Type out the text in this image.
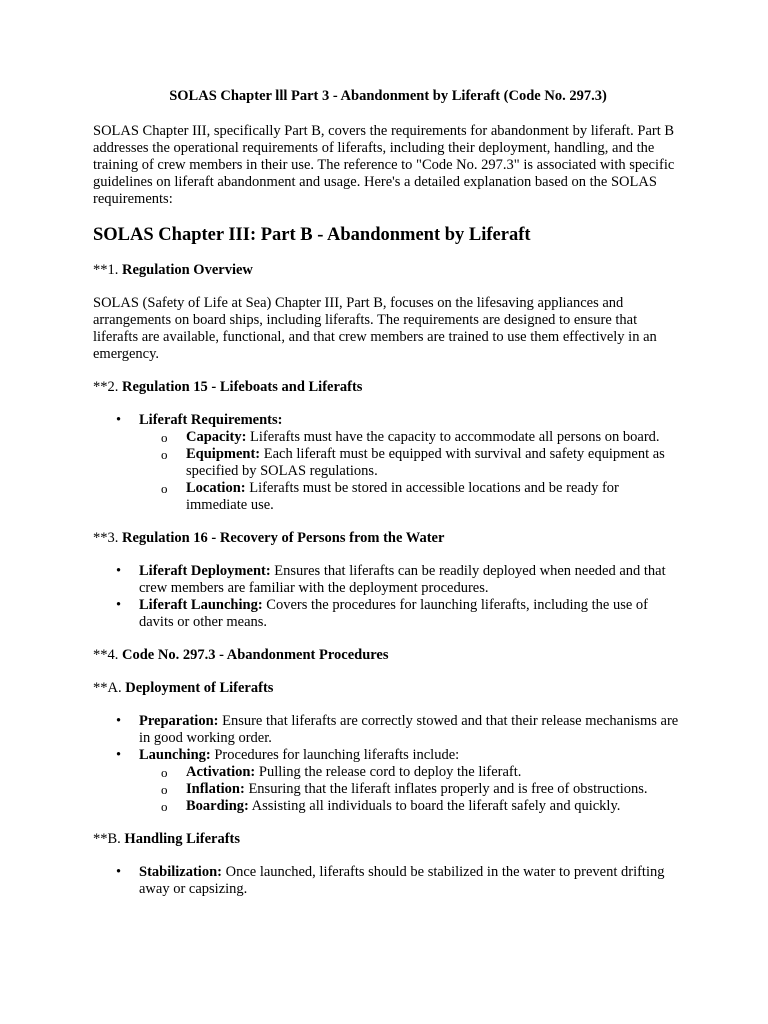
SOLAS Chapter lll Part 3 - Abandonment by Liferaft (Code No. 297.3)

SOLAS Chapter III, specifically Part B, covers the requirements for abandonment by liferaft. Part B addresses the operational requirements of liferafts, including their deployment, handling, and the training of crew members in their use. The reference to "Code No. 297.3" is associated with specific guidelines on liferaft abandonment and usage. Here's a detailed explanation based on the SOLAS requirements:

SOLAS Chapter III: Part B - Abandonment by Liferaft

**1. Regulation Overview

SOLAS (Safety of Life at Sea) Chapter III, Part B, focuses on the lifesaving appliances and arrangements on board ships, including liferafts. The requirements are designed to ensure that liferafts are available, functional, and that crew members are trained to use them effectively in an emergency.

**2. Regulation 15 - Lifeboats and Liferafts

• Liferaft Requirements:
o Capacity: Liferafts must have the capacity to accommodate all persons on board.
o Equipment: Each liferaft must be equipped with survival and safety equipment as specified by SOLAS regulations.
o Location: Liferafts must be stored in accessible locations and be ready for immediate use.

**3. Regulation 16 - Recovery of Persons from the Water

• Liferaft Deployment: Ensures that liferafts can be readily deployed when needed and that crew members are familiar with the deployment procedures.
• Liferaft Launching: Covers the procedures for launching liferafts, including the use of davits or other means.

**4. Code No. 297.3 - Abandonment Procedures

**A. Deployment of Liferafts

• Preparation: Ensure that liferafts are correctly stowed and that their release mechanisms are in good working order.
• Launching: Procedures for launching liferafts include:
o Activation: Pulling the release cord to deploy the liferaft.
o Inflation: Ensuring that the liferaft inflates properly and is free of obstructions.
o Boarding: Assisting all individuals to board the liferaft safely and quickly.

**B. Handling Liferafts

• Stabilization: Once launched, liferafts should be stabilized in the water to prevent drifting away or capsizing.
